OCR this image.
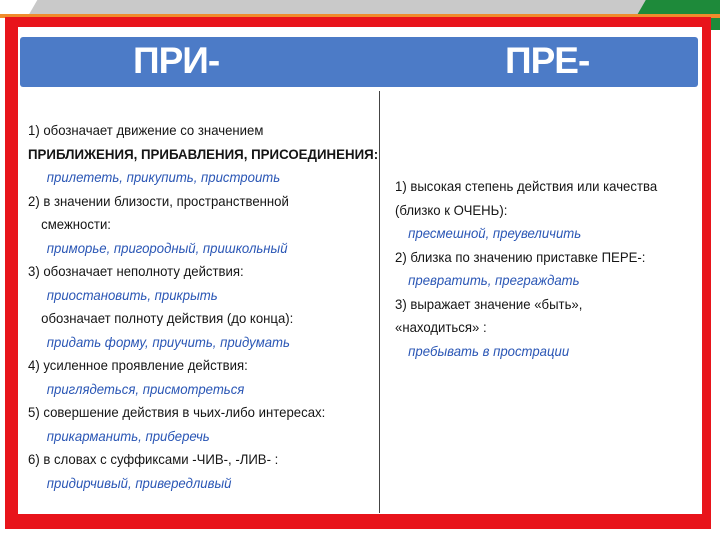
ПРИ-	ПРЕ-
1) обозначает движение со значением
ПРИБЛИЖЕНИЯ, ПРИБАВЛЕНИЯ, ПРИСОЕДИНЕНИЯ:
прилететь, прикупить, пристроить
2) в значении близости, пространственной
смежности:
приморье, пригородный, пришкольный
3) обозначает неполноту действия:
приостановить, прикрыть
обозначает полноту действия (до конца):
придать форму, приучить, придумать
4) усиленное проявление действия:
приглядеться, присмотреться
5) совершение действия в чьих-либо интересах:
прикарманить, приберечь
6) в словах с суффиксами -ЧИВ-, -ЛИВ- :
придирчивый, привередливый
1) высокая степень действия или качества
(близко к ОЧЕНЬ):
пресмешной, преувеличить
2) близка по значению приставке ПЕРЕ-:
превратить, преграждать
3) выражает значение «быть»,
«находиться» :
пребывать в прострации
